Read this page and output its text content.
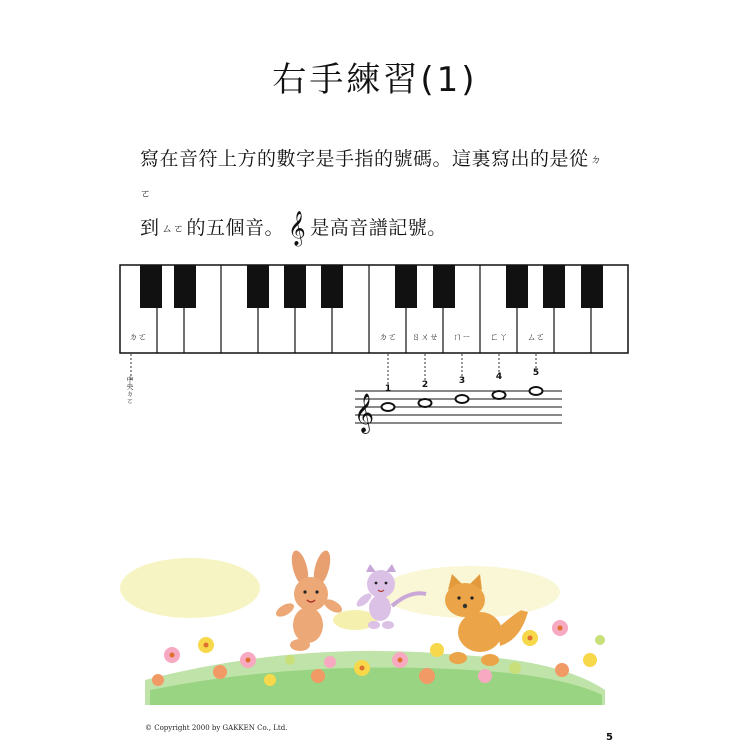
右手練習(1)
寫在音符上方的數字是手指的號碼。這裏寫出的是從 ㄉㄛ
到 ㄙㄛ 的五個音。 𝄞 是高音譜記號。
ㄉㄛ	ㄉㄛ ㄖㄨㄝ ㄇㄧ ㄈㄚ ㄙㄛ
中央ㄉㄛ
𝄞
1	2	3	4	5
© Copyright 2000 by GAKKEN Co., Ltd.
5
